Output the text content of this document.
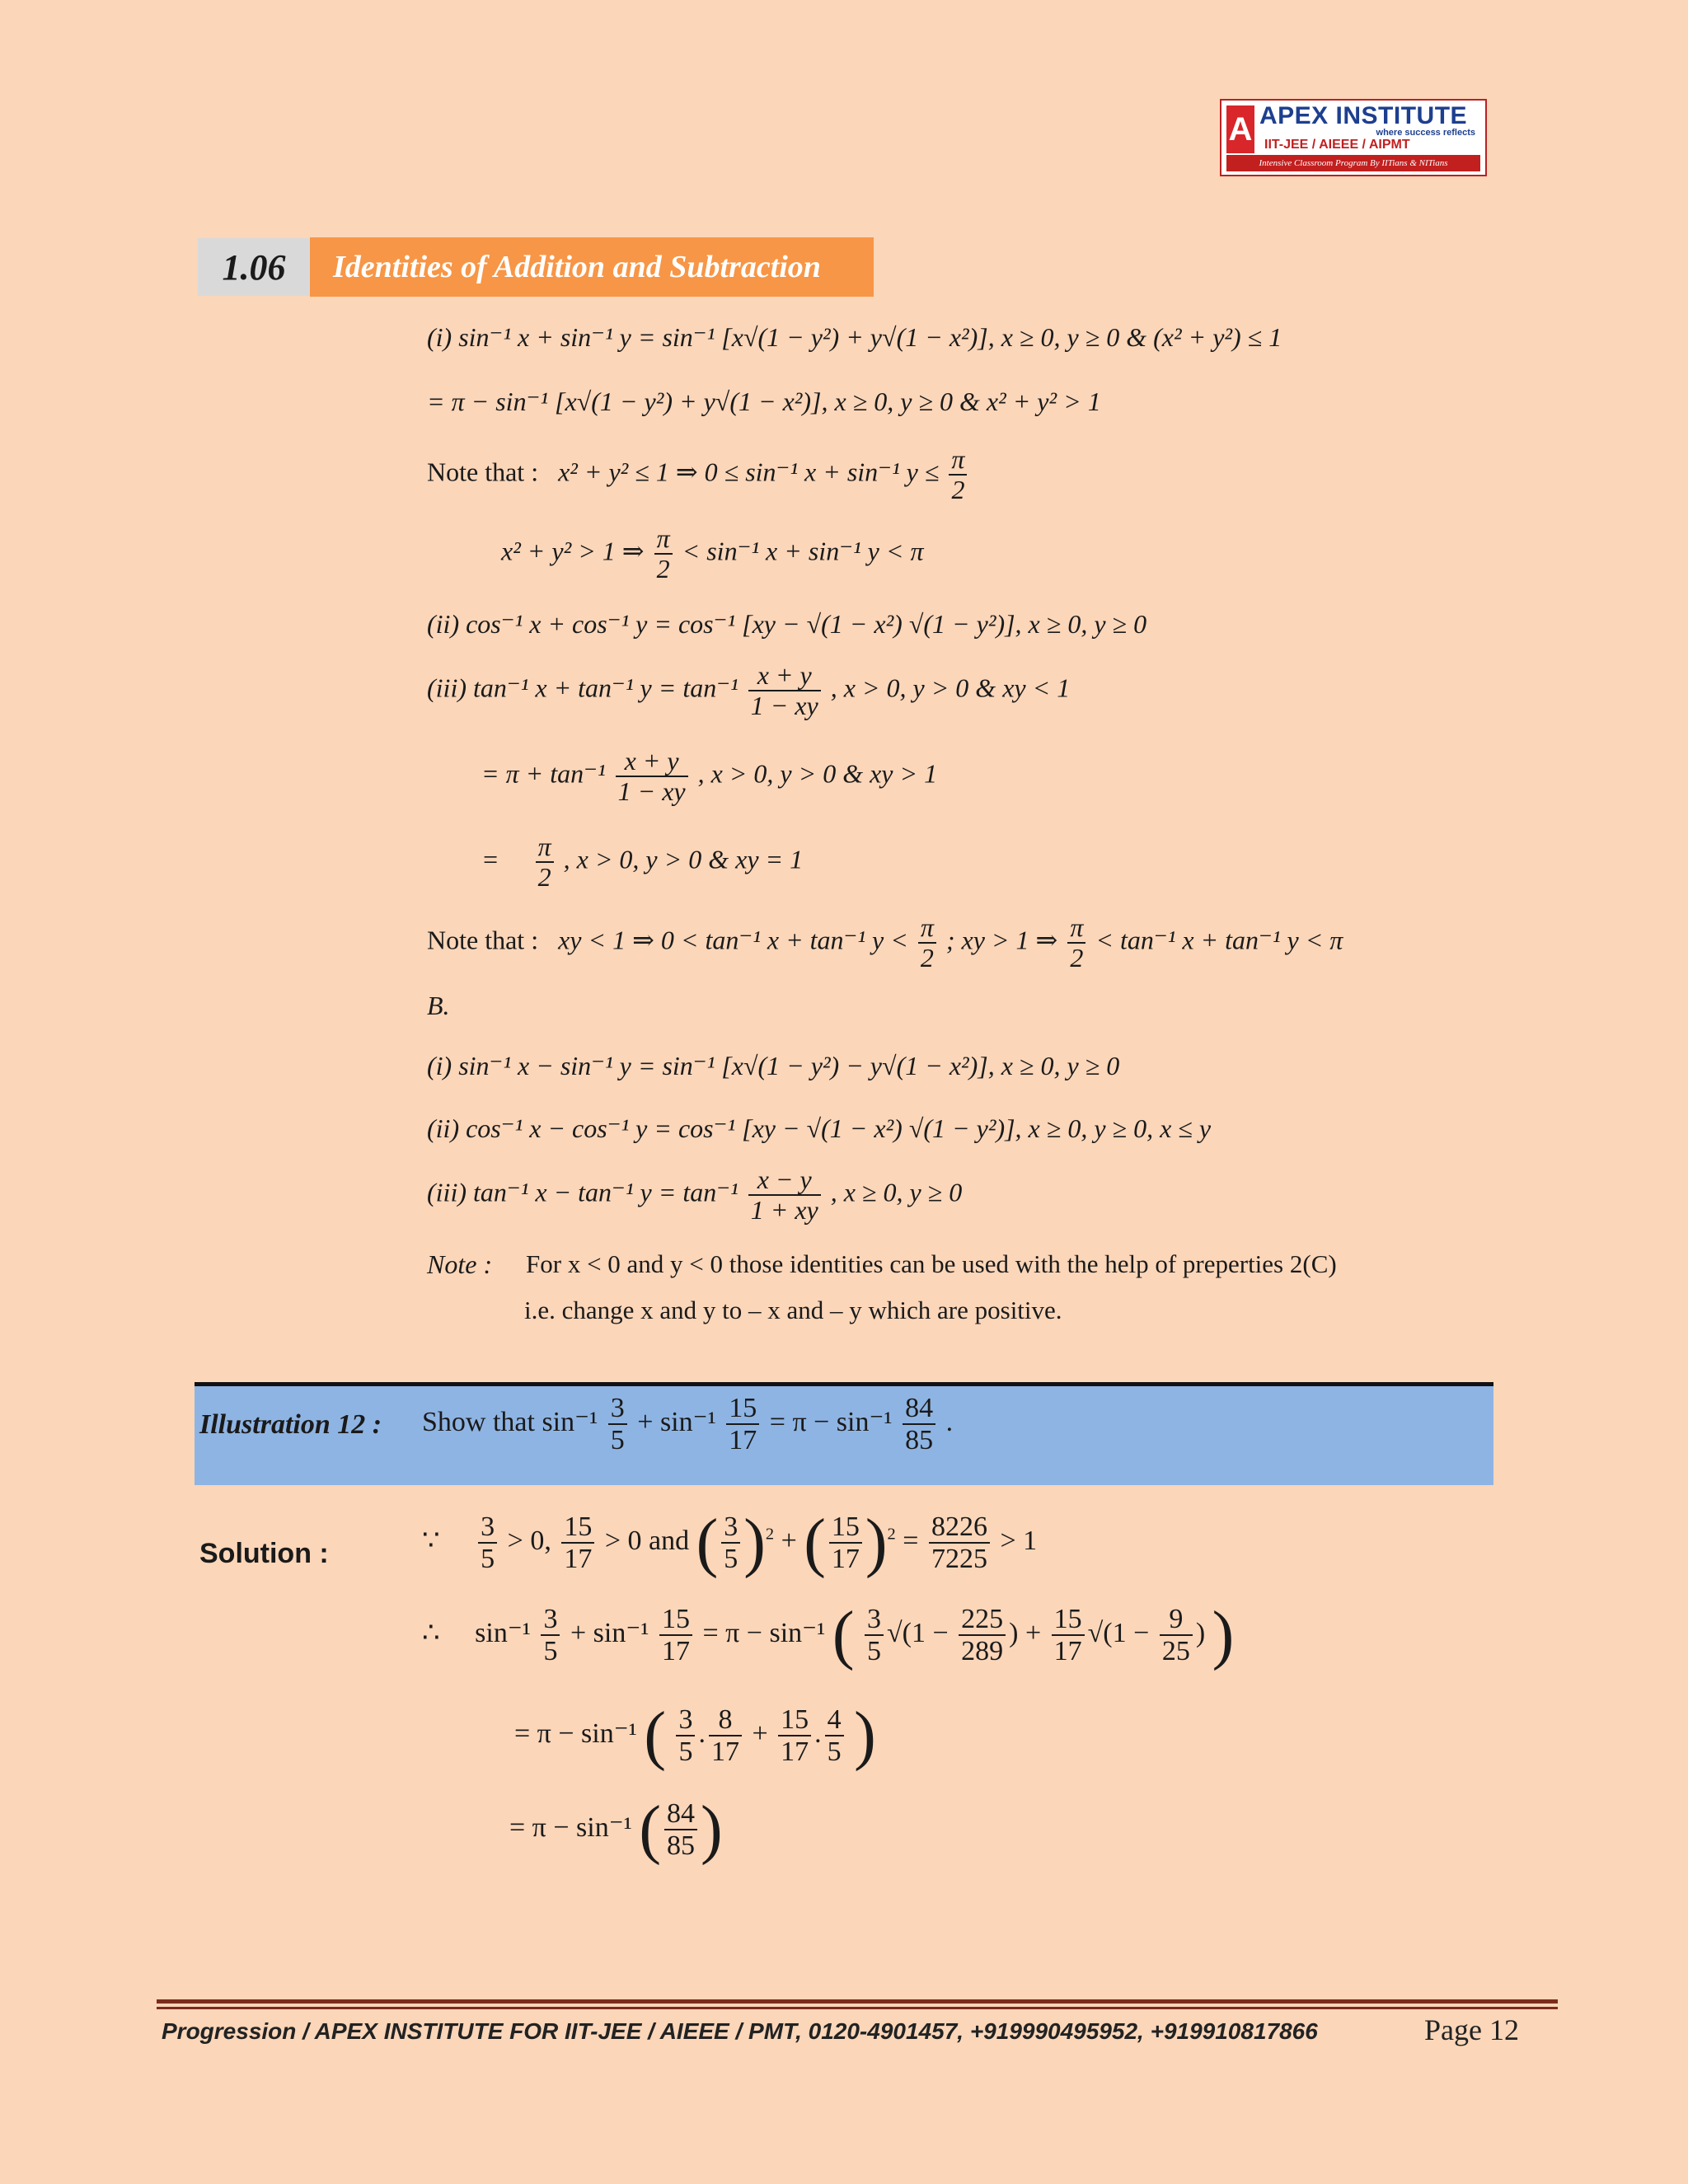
A APEX INSTITUTE
where success reflects
IIT-JEE / AIEEE / AIPMT
Intensive Classroom Program By IITians & NITians
1.06	Identities of Addition and Subtraction
(i) sin⁻¹ x + sin⁻¹ y = sin⁻¹ [x√(1 − y²) + y√(1 − x²)], x ≥ 0, y ≥ 0 & (x² + y²) ≤ 1
= π − sin⁻¹ [x√(1 − y²) + y√(1 − x²)], x ≥ 0, y ≥ 0 & x² + y² > 1
Note that : x² + y² ≤ 1 ⇒ 0 ≤ sin⁻¹ x + sin⁻¹ $y \le \frac{\pi}{2}$
x² + y² > 1 ⇒ $\frac{\pi}{2} < \sin^{-1}$ x + sin⁻¹ y < π
(ii) cos⁻¹ x + cos⁻¹ y = cos⁻¹ [xy − √(1 − x²) √(1 − y²)], x ≥ 0, y ≥ 0
(iii) tan⁻¹ x + tan⁻¹ $y = \tan^{-1} \frac{x + y}{1 - xy}$ , x > 0, y > 0 & xy < 1
= $\pi + \tan^{-1} \frac{x + y}{1 - xy}$ , x > 0, y > 0 & xy > 1
= $\frac{\pi}{2}$ , x > 0, y > 0 & xy = 1
Note that : xy < 1 ⇒ 0 < tan⁻¹ x + tan⁻¹ $y < \frac{\pi}{2}$ ; xy > 1 ⇒ $\frac{\pi}{2} < \tan^{-1}$ x + tan⁻¹ y < π
B.
(i) sin⁻¹ x − sin⁻¹ y = sin⁻¹ [x√(1 − y²) − y√(1 − x²)], x ≥ 0, y ≥ 0
(ii) cos⁻¹ x − cos⁻¹ y = cos⁻¹ [xy − √(1 − x²) √(1 − y²)], x ≥ 0, y ≥ 0, x ≤ y
(iii) tan⁻¹ x − tan⁻¹ $y = \tan^{-1} \frac{x - y}{1 + xy}$ , x ≥ 0, y ≥ 0
Note : For x < 0 and y < 0 those identities can be used with the help of preperties 2(C)
i.e. change x and y to – x and – y which are positive.
Illustration 12 : Show that $\sin^{-1} \frac{3}{5} + \sin^{-1} \frac{15}{17} = \pi - \sin^{-1} \frac{84}{85}$ .
Solution :	∵ $\frac{3}{5} > 0$, $\frac{15}{17} > 0$ and ( $\frac{3}{5} )^2$ + ( $\frac{15}{17} )^2 = \frac{8226}{7225} > 1$
∴ $\sin^{-1} \frac{3}{5} + \sin^{-1} \frac{15}{17} = \pi - \sin^{-1}$ ( $\frac{3}{5} √(1 - \frac{225}{289}$ ) + $\frac{15}{17} √(1 - \frac{9}{25}$ ) )
= π − sin⁻¹ ( $\frac{3}{5}$ . $\frac{8}{17} + \frac{15}{17}$ . $\frac{4}{5}$ )
= π − sin⁻¹ ( $\frac{84}{85}$ )
Progression / APEX INSTITUTE FOR IIT-JEE / AIEEE / PMT, 0120-4901457, +919990495952, +919910817866	Page 12
